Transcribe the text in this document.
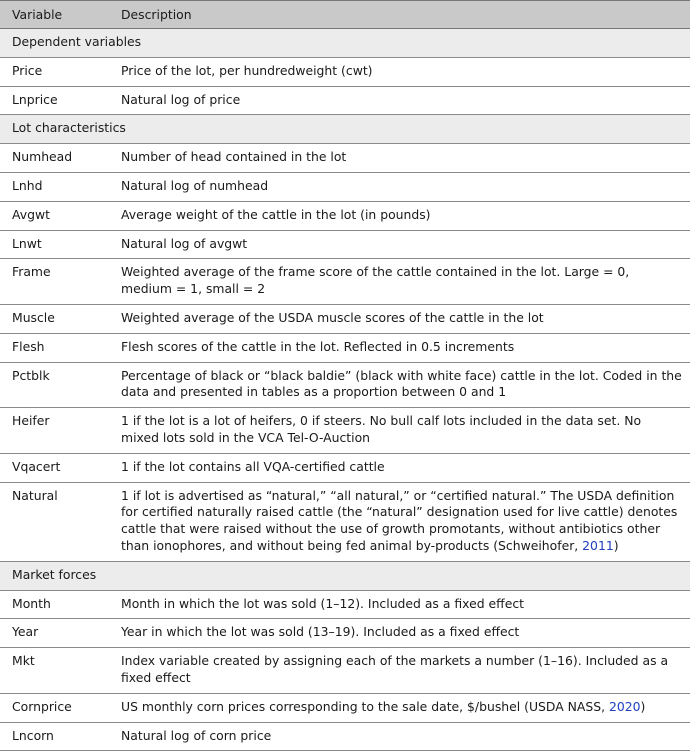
Variable	Description
Dependent variables	
Price	Price of the lot, per hundredweight (cwt)
Lnprice	Natural log of price
Lot characteristics	
Numhead	Number of head contained in the lot
Lnhd	Natural log of numhead
Avgwt	Average weight of the cattle in the lot (in pounds)
Lnwt	Natural log of avgwt
Frame	Weighted average of the frame score of the cattle contained in the lot. Large = 0, medium = 1, small = 2
Muscle	Weighted average of the USDA muscle scores of the cattle in the lot
Flesh	Flesh scores of the cattle in the lot. Reflected in 0.5 increments
Pctblk	Percentage of black or “black baldie” (black with white face) cattle in the lot. Coded in the data and presented in tables as a proportion between 0 and 1
Heifer	1 if the lot is a lot of heifers, 0 if steers. No bull calf lots included in the data set. No mixed lots sold in the VCA Tel-O-Auction
Vqacert	1 if the lot contains all VQA-certified cattle
Natural	1 if lot is advertised as “natural,” “all natural,” or “certified natural.” The USDA definition for certified naturally raised cattle (the “natural” designation used for live cattle) denotes cattle that were raised without the use of growth promotants, without antibiotics other than ionophores, and without being fed animal by-products (Schweihofer, 2011)
Market forces	
Month	Month in which the lot was sold (1–12). Included as a fixed effect
Year	Year in which the lot was sold (13–19). Included as a fixed effect
Mkt	Index variable created by assigning each of the markets a number (1–16). Included as a fixed effect
Cornprice	US monthly corn prices corresponding to the sale date, $/bushel (USDA NASS, 2020)
Lncorn	Natural log of corn price
